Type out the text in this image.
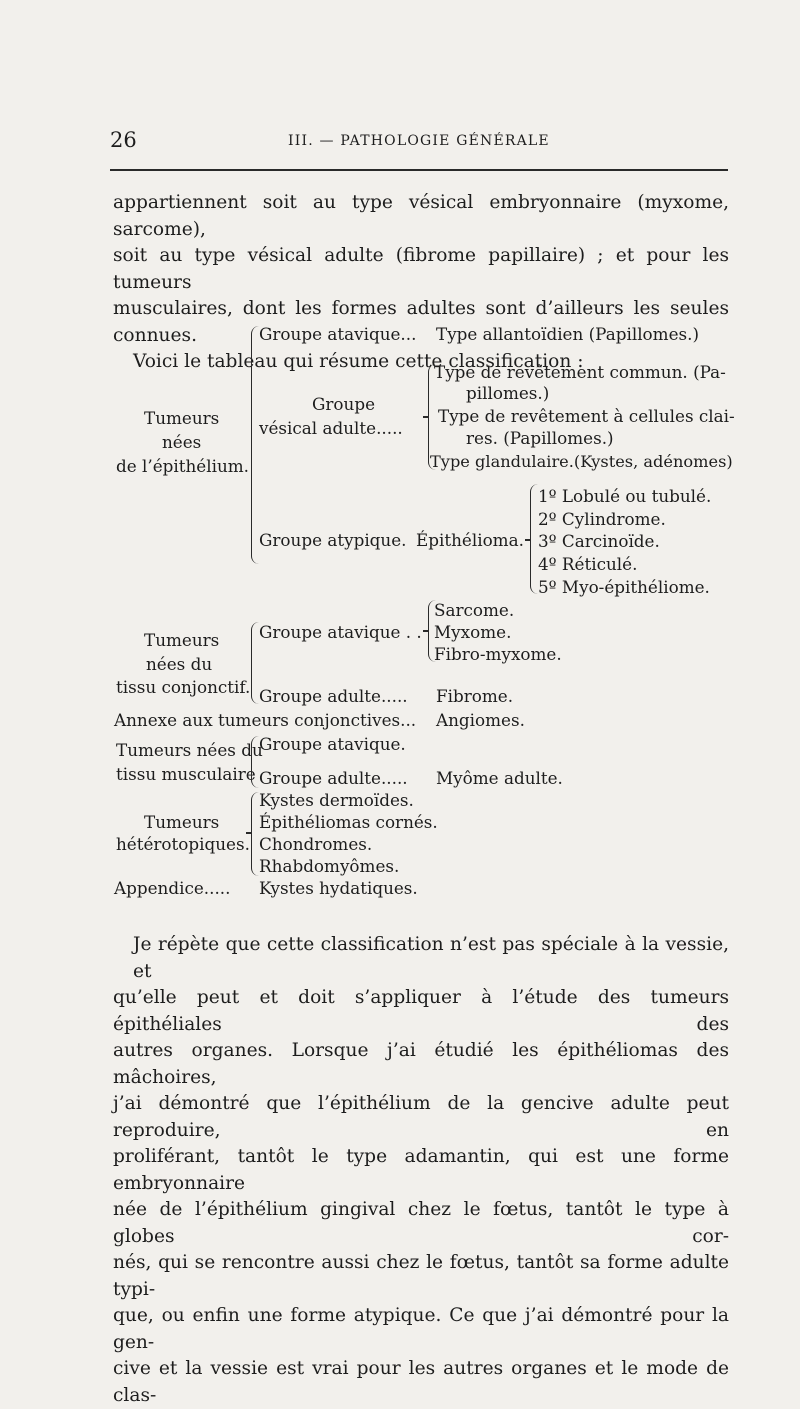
26	III. — PATHOLOGIE GÉNÉRALE
appartiennent soit au type vésical embryonnaire (myxome, sarcome),
soit au type vésical adulte (fibrome papillaire) ; et pour les tumeurs
musculaires, dont les formes adultes sont d’ailleurs les seules connues.
Voici le tableau qui résume cette classification :
Tumeurs
nées
de l’épithélium.
Groupe atavique... Type allantoïdien (Papillomes.)
Groupe
vésical adulte.....
Type de revêtement commun. (Pa-
pillomes.)
Type de revêtement à cellules clai-
res. (Papillomes.)
Type glandulaire.(Kystes, adénomes)
Groupe atypique. Épithélioma.
1º Lobulé ou tubulé.
2º Cylindrome.
3º Carcinoïde.
4º Réticulé.
5º Myo-épithéliome.
Tumeurs
nées du
tissu conjonctif.
Groupe atavique . .
Sarcome.
Myxome.
Fibro-myxome.
Groupe adulte..... Fibrome.
Annexe aux tumeurs conjonctives... Angiomes.
Tumeurs nées du
tissu musculaire
Groupe atavique.
Groupe adulte..... Myôme adulte.
Tumeurs
hétérotopiques.
Kystes dermoïdes.
Épithéliomas cornés.
Chondromes.
Rhabdomyômes.
Appendice..... Kystes hydatiques.
Je répète que cette classification n’est pas spéciale à la vessie, et
qu’elle peut et doit s’appliquer à l’étude des tumeurs épithéliales des
autres organes. Lorsque j’ai étudié les épithéliomas des mâchoires,
j’ai démontré que l’épithélium de la gencive adulte peut reproduire, en
proliférant, tantôt le type adamantin, qui est une forme embryonnaire
née de l’épithélium gingival chez le fœtus, tantôt le type à globes cor-
nés, qui se rencontre aussi chez le fœtus, tantôt sa forme adulte typi-
que, ou enfin une forme atypique. Ce que j’ai démontré pour la gen-
cive et la vessie est vrai pour les autres organes et le mode de clas-
